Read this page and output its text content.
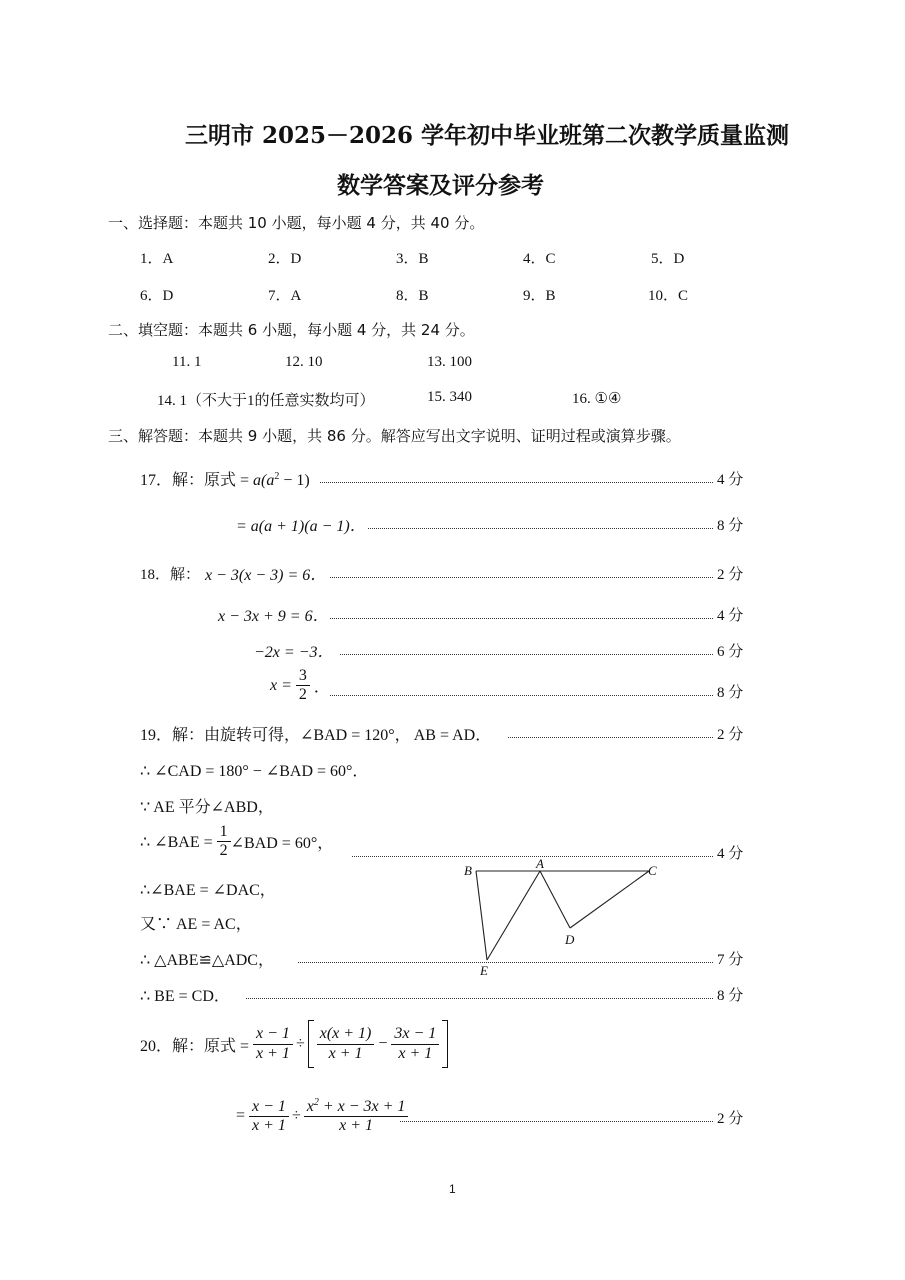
三明市 2025－2026 学年初中毕业班第二次教学质量监测
数学答案及评分参考
一、选择题：本题共 10 小题，每小题 4 分，共 40 分。
1．A	2．D	3．B	4．C	5．D
6．D	7．A	8．B	9．B	10．C
二、填空题：本题共 6 小题，每小题 4 分，共 24 分。
11. 1	12. 10	13. 100
14. 1（不大于1的任意实数均可）	15. 340	16. ①④
三、解答题：本题共 9 小题，共 86 分。解答应写出文字说明、证明过程或演算步骤。
17．解：原式 = $a(a^2 - 1)$	4 分
= a(a + 1)(a − 1)．	8 分
18．解： x − 3(x − 3) = 6．	2 分
x − 3x + 9 = 6．	4 分
−2x = −3．	6 分
x =
$\frac{3}{2}$ ．	8 分
19．解：由旋转可得，∠BAD = 120°， AB = AD．	2 分
∴ ∠CAD = 180° − ∠BAD = 60°．
∵ AE 平分∠ABD，
∴ ∠BAE =
$\frac{1}{2}$ ∠BAD = 60°，
4 分
∴∠BAE = ∠DAC，
又∵ AE = AC，
∴ △ABE≌△ADC，	7 分
∴ BE = CD．	8 分
B	A	C
D
E
20．解：原式 =
$\frac{x - 1}{x + 1} \div \frac{x(x + 1)}{x + 1} - \frac{3x - 1}{x + 1}$
= $\frac{x - 1}{x + 1} \div \frac{x^2 + x - 3x + 1}{x + 1}$	2 分
1
